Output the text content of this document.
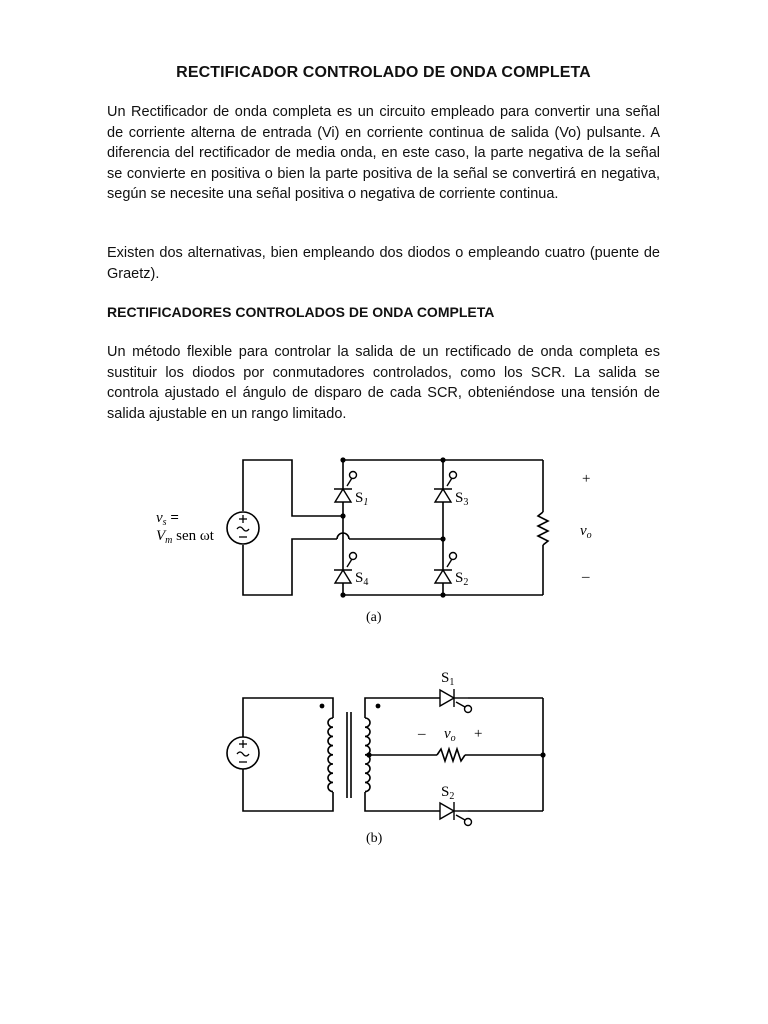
RECTIFICADOR CONTROLADO DE ONDA COMPLETA

Un Rectificador de onda completa es un circuito empleado para convertir una señal de corriente alterna de entrada (Vi) en corriente continua de salida (Vo) pulsante. A diferencia del rectificador de media onda, en este caso, la parte negativa de la señal se convierte en positiva o bien la parte positiva de la señal se convertirá en negativa, según se necesite una señal positiva o negativa de corriente continua.

Existen dos alternativas, bien empleando dos diodos o empleando cuatro (puente de Graetz).

RECTIFICADORES CONTROLADOS DE ONDA COMPLETA

Un método flexible para controlar la salida de un rectificado de onda completa es sustituir los diodos por conmutadores controlados, como los SCR. La salida se controla ajustado el ángulo de disparo de cada SCR, obteniéndose una tensión de salida ajustable en un rango limitado.

$v_s$ =
$V_m$ sen ωt
$S_1$	$S_3$
$S_4$	$S_2$
+
–
$v_o$
(a)
$S_1$
$S_2$
– $v_o$ +
(b)
